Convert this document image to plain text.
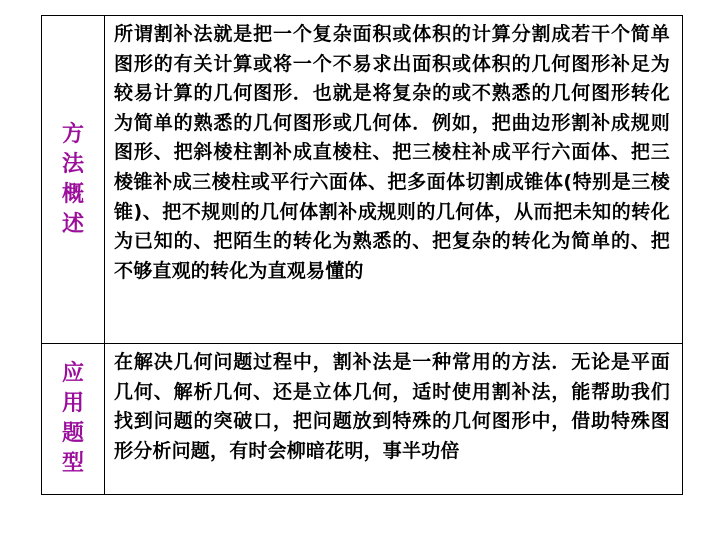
方法概述

所谓割补法就是把一个复杂面积或体积的计算分割成若干个简单图形的有关计算或将一个不易求出面积或体积的几何图形补足为较易计算的几何图形．也就是将复杂的或不熟悉的几何图形转化为简单的熟悉的几何图形或几何体．例如，把曲边形割补成规则图形、把斜棱柱割补成直棱柱、把三棱柱补成平行六面体、把三棱锥补成三棱柱或平行六面体、把多面体切割成锥体(特别是三棱锥)、把不规则的几何体割补成规则的几何体，从而把未知的转化为已知的、把陌生的转化为熟悉的、把复杂的转化为简单的、把不够直观的转化为直观易懂的

应用题型

在解决几何问题过程中，割补法是一种常用的方法．无论是平面几何、解析几何、还是立体几何，适时使用割补法，能帮助我们找到问题的突破口，把问题放到特殊的几何图形中，借助特殊图形分析问题，有时会柳暗花明，事半功倍
